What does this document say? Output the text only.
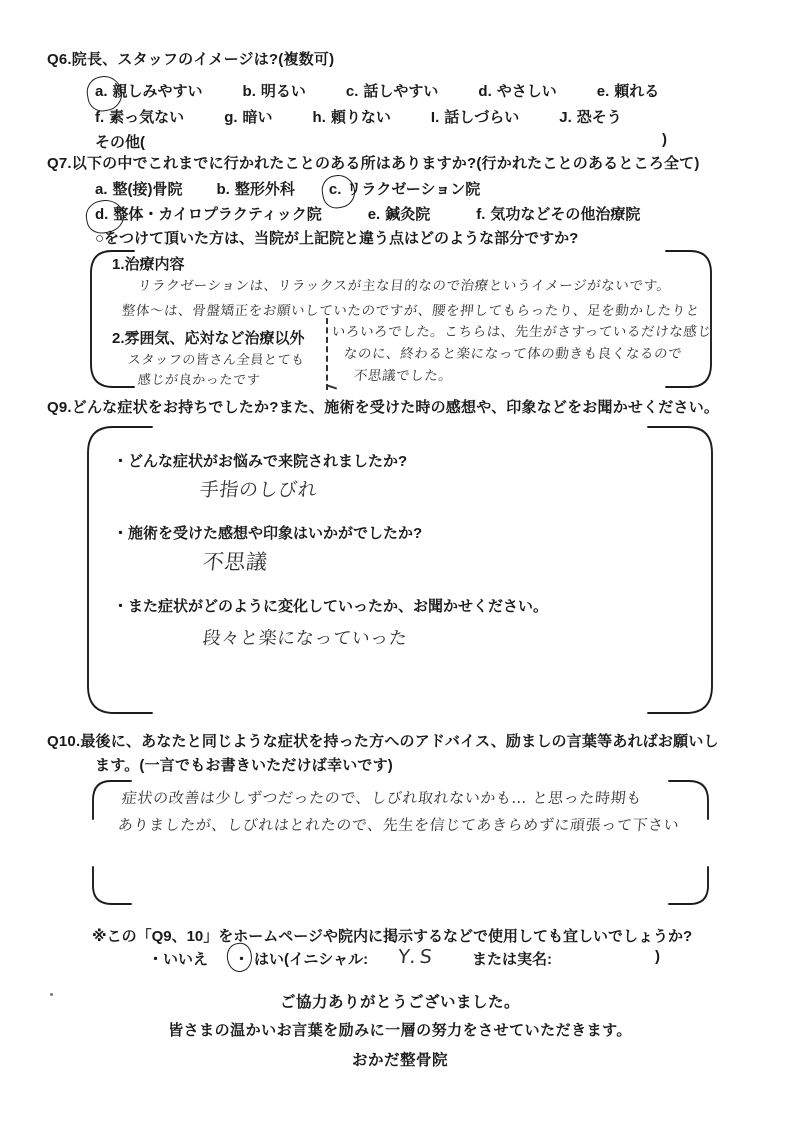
Q6.院長、スタッフのイメージは?(複数可)
a. 親しみやすい	b. 明るい	c. 話しやすい	d. やさしい	e. 頼れる
f. 素っ気ない	g. 暗い	h. 頼りない	I. 話しづらい	J. 恐そう
その他(	)
Q7.以下の中でこれまでに行かれたことのある所はありますか?(行かれたことのあるところ全て)
a. 整(接)骨院 b. 整形外科 c. リラクゼーション院
d. 整体・カイロプラクティック院	e. 鍼灸院	f. 気功などその他治療院
○をつけて頂いた方は、当院が上記院と違う点はどのような部分ですか?
1.治療内容
リラクゼーションは、リラックスが主な目的なので治療というイメージがないです。
整体〜は、骨盤矯正をお願いしていたのですが、腰を押してもらったり、足を動かしたりと
いろいろでした。こちらは、先生がさすっているだけな感じ
なのに、終わると楽になって体の動きも良くなるので
不思議でした。
2.雰囲気、応対など治療以外
スタッフの皆さん全員とても
感じが良かったです
Q9.どんな症状をお持ちでしたか?また、施術を受けた時の感想や、印象などをお聞かせください。
・どんな症状がお悩みで来院されましたか?
手指のしびれ
・施術を受けた感想や印象はいかがでしたか?
不思議
・また症状がどのように変化していったか、お聞かせください。
段々と楽になっていった
Q10.最後に、あなたと同じような症状を持った方へのアドバイス、励ましの言葉等あればお願いし
ます。(一言でもお書きいただけば幸いです)
症状の改善は少しずつだったので、しびれ取れないかも… と思った時期も
ありましたが、しびれはとれたので、先生を信じてあきらめずに頑張って下さい
※この「Q9、10」をホームページや院内に掲示するなどで使用しても宜しいでしょうか?
・いいえ ・ はい(イニシャル: Y.S または実名:	)
ご協力ありがとうございました。
皆さまの温かいお言葉を励みに一層の努力をさせていただきます。
おかだ整骨院
